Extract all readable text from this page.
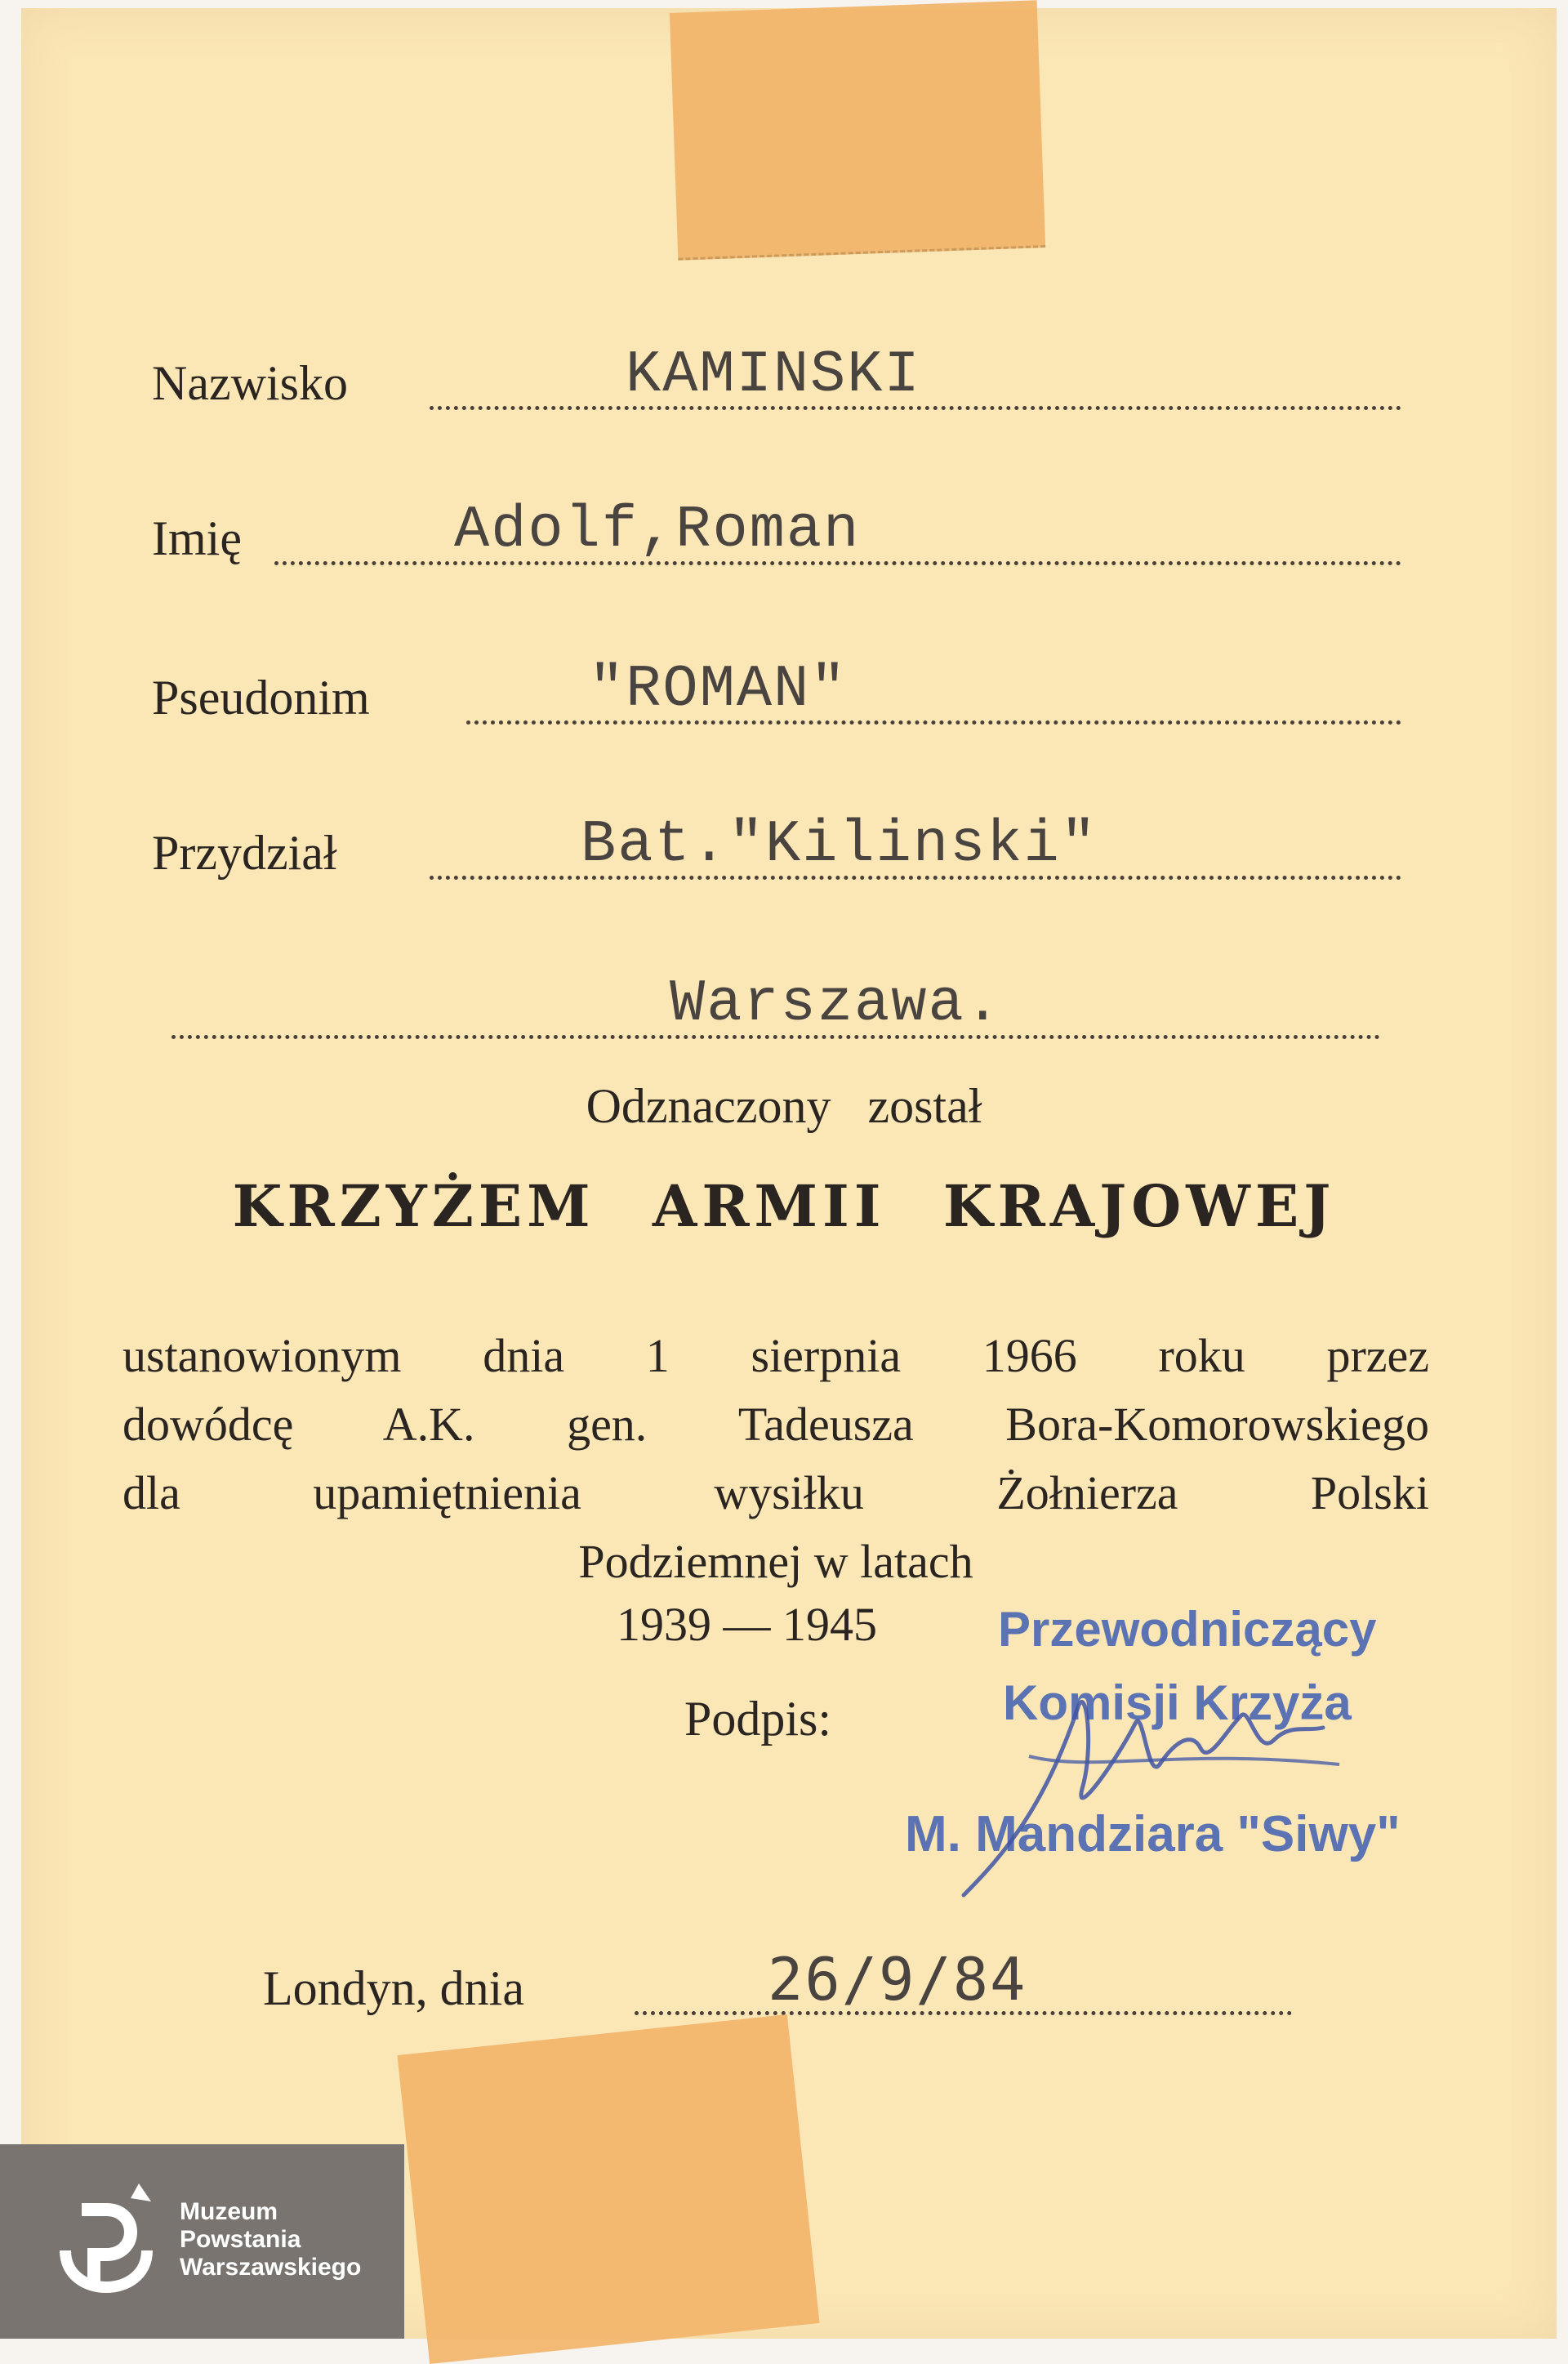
Nazwisko	KAMINSKI
Imię	Adolf,Roman
Pseudonim	"ROMAN"
Przydział	Bat."Kilinski"
Warszawa.
Odznaczony został
KRZYŻEM ARMII KRAJOWEJ
ustanowionym dnia 1 sierpnia 1966 roku przez
dowódcę A.K. gen. Tadeusza Bora-Komorowskiego
dla upamiętnienia wysiłku Żołnierza Polski
Podziemnej w latach
1939 — 1945
Podpis:
Przewodniczący
Komisji Krzyża
M. Mandziara "Siwy"
Londyn, dnia	26/9/84
Muzeum
Powstania
Warszawskiego
